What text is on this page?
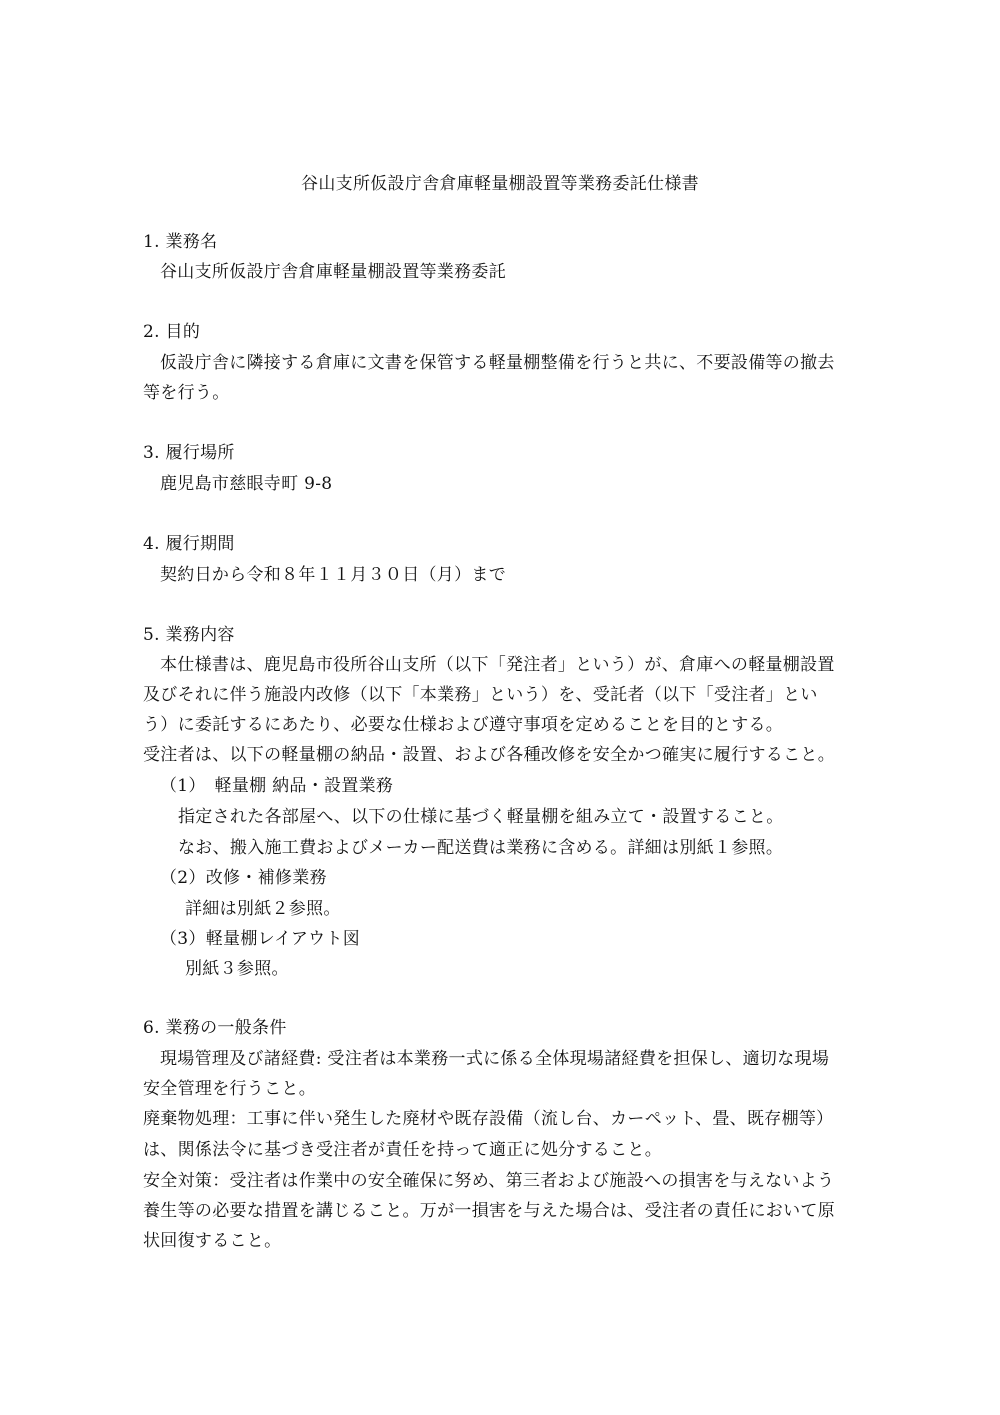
谷山支所仮設庁舎倉庫軽量棚設置等業務委託仕様書
1. 業務名
谷山支所仮設庁舎倉庫軽量棚設置等業務委託
2. 目的
仮設庁舎に隣接する倉庫に文書を保管する軽量棚整備を行うと共に、不要設備等の撤去
等を行う。
3. 履行場所
鹿児島市慈眼寺町 9-8
4. 履行期間
契約日から令和８年１１月３０日（月）まで
5. 業務内容
本仕様書は、鹿児島市役所谷山支所（以下「発注者」という）が、倉庫への軽量棚設置
及びそれに伴う施設内改修（以下「本業務」という）を、受託者（以下「受注者」とい
う）に委託するにあたり、必要な仕様および遵守事項を定めることを目的とする。
受注者は、以下の軽量棚の納品・設置、および各種改修を安全かつ確実に履行すること。
（1）　軽量棚 納品・設置業務
指定された各部屋へ、以下の仕様に基づく軽量棚を組み立て・設置すること。
なお、搬入施工費およびメーカー配送費は業務に含める。詳細は別紙１参照。
（2）改修・補修業務
詳細は別紙２参照。
（3）軽量棚レイアウト図
別紙３参照。
6. 業務の一般条件
現場管理及び諸経費: 受注者は本業務一式に係る全体現場諸経費を担保し、適切な現場
安全管理を行うこと。
廃棄物処理：工事に伴い発生した廃材や既存設備（流し台、カーペット、畳、既存棚等）
は、関係法令に基づき受注者が責任を持って適正に処分すること。
安全対策：受注者は作業中の安全確保に努め、第三者および施設への損害を与えないよう
養生等の必要な措置を講じること。万が一損害を与えた場合は、受注者の責任において原
状回復すること。
